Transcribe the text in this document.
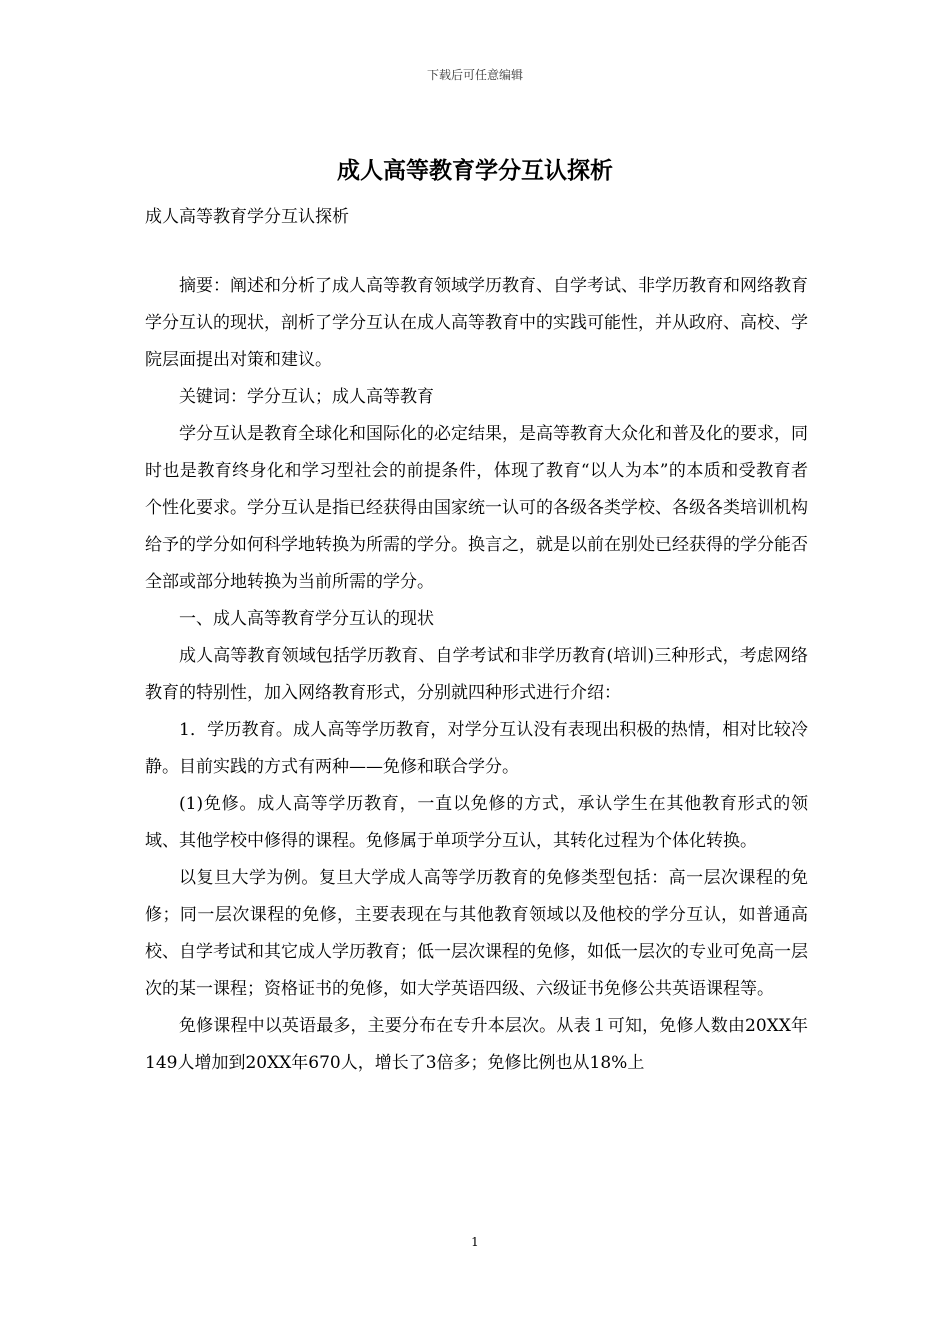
下载后可任意编辑
成人高等教育学分互认探析
成人高等教育学分互认探析

摘要：阐述和分析了成人高等教育领域学历教育、自学考试、非学历教育和网络教育学分互认的现状，剖析了学分互认在成人高等教育中的实践可能性，并从政府、高校、学院层面提出对策和建议。

关键词：学分互认；成人高等教育

学分互认是教育全球化和国际化的必定结果，是高等教育大众化和普及化的要求，同时也是教育终身化和学习型社会的前提条件，体现了教育“以人为本”的本质和受教育者个性化要求。学分互认是指已经获得由国家统一认可的各级各类学校、各级各类培训机构给予的学分如何科学地转换为所需的学分。换言之，就是以前在别处已经获得的学分能否全部或部分地转换为当前所需的学分。

一、成人高等教育学分互认的现状

成人高等教育领域包括学历教育、自学考试和非学历教育(培训)三种形式，考虑网络教育的特别性，加入网络教育形式，分别就四种形式进行介绍：

1．学历教育。成人高等学历教育，对学分互认没有表现出积极的热情，相对比较冷静。目前实践的方式有两种——免修和联合学分。

(1)免修。成人高等学历教育，一直以免修的方式，承认学生在其他教育形式的领域、其他学校中修得的课程。免修属于单项学分互认，其转化过程为个体化转换。

以复旦大学为例。复旦大学成人高等学历教育的免修类型包括：高一层次课程的免修；同一层次课程的免修，主要表现在与其他教育领域以及他校的学分互认，如普通高校、自学考试和其它成人学历教育；低一层次课程的免修，如低一层次的专业可免高一层次的某一课程；资格证书的免修，如大学英语四级、六级证书免修公共英语课程等。

免修课程中以英语最多，主要分布在专升本层次。从表１可知，免修人数由20XX年149人增加到20XX年670人，增长了3倍多；免修比例也从18%上

1
